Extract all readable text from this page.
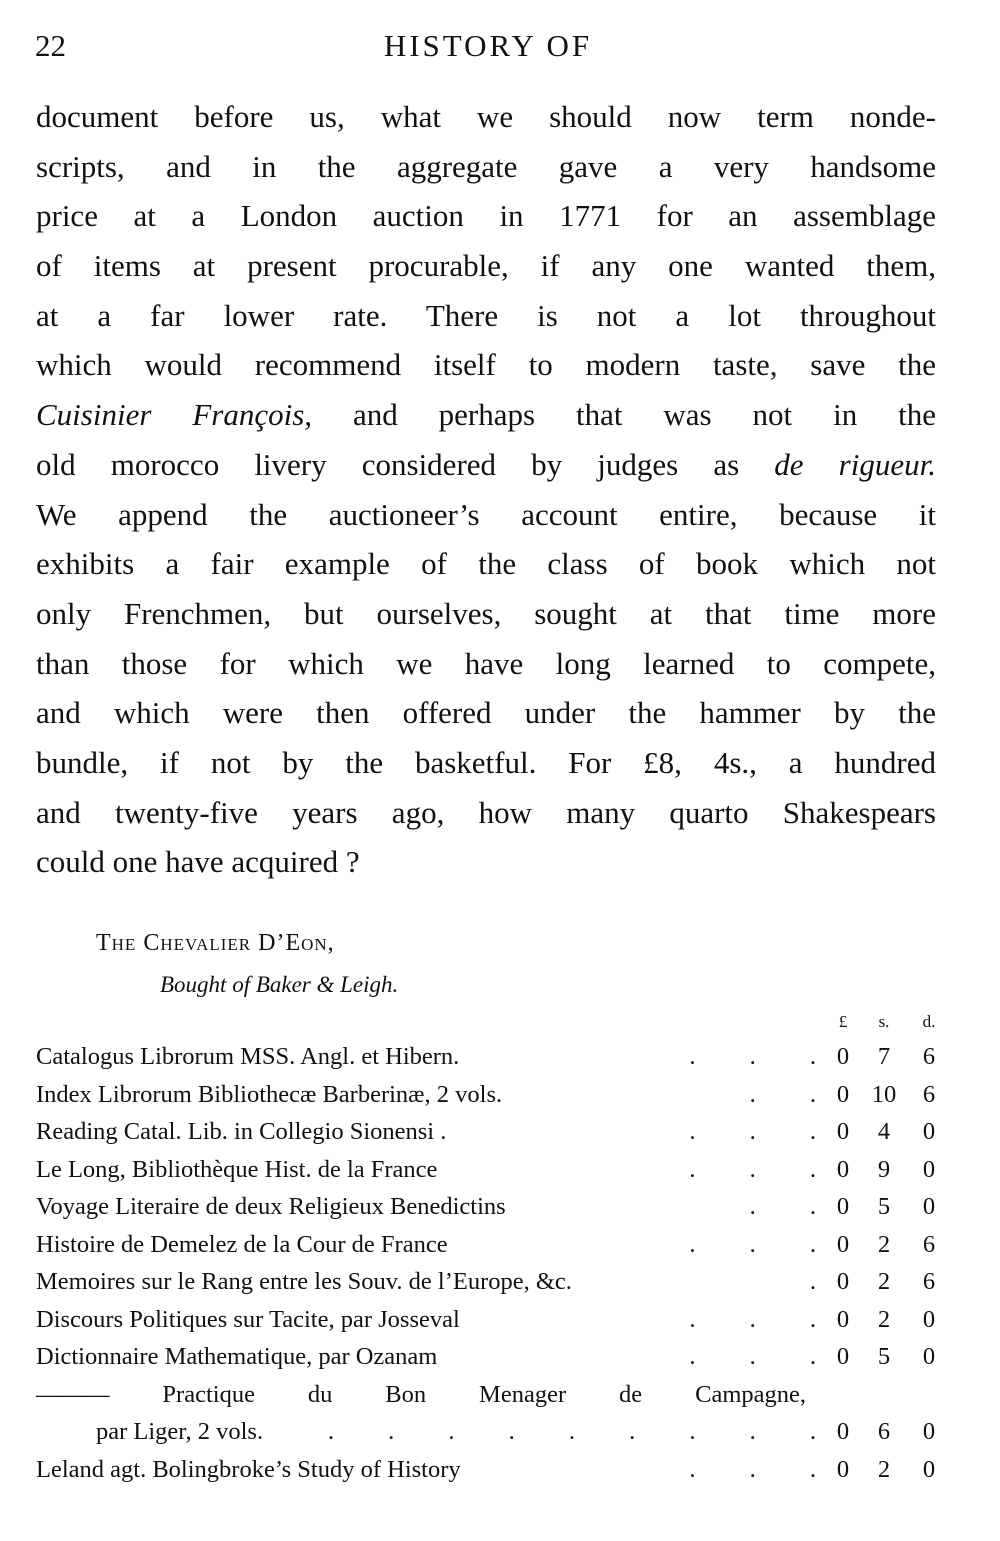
22	HISTORY OF
document before us, what we should now term nonde-
scripts, and in the aggregate gave a very handsome
price at a London auction in 1771 for an assemblage
of items at present procurable, if any one wanted them,
at a far lower rate. There is not a lot throughout
which would recommend itself to modern taste, save the
Cuisinier François, and perhaps that was not in the
old morocco livery considered by judges as de rigueur.
We append the auctioneer’s account entire, because it
exhibits a fair example of the class of book which not
only Frenchmen, but ourselves, sought at that time more
than those for which we have long learned to compete,
and which were then offered under the hammer by the
bundle, if not by the basketful. For £8, 4s., a hundred
and twenty-five years ago, how many quarto Shakespears
could one have acquired ?
The Chevalier D’Eon,
Bought of Baker & Leigh.
£	s.	d.
Catalogus Librorum MSS. Angl. et Hibern.	. . . 0	7	6
Index Librorum Bibliothecæ Barberinæ, 2 vols.	. . 0 10	6
Reading Catal. Lib. in Collegio Sionensi .	. . . 0	4	0
Le Long, Bibliothèque Hist. de la France	. . . 0	9	0
Voyage Literaire de deux Religieux Benedictins	. . 0	5	0
Histoire de Demelez de la Cour de France	. . . 0	2	6
Memoires sur le Rang entre les Souv. de l’Europe, &c.	. 0	2	6
Discours Politiques sur Tacite, par Josseval	. . . 0	2	0
Dictionnaire Mathematique, par Ozanam	. . . 0	5	0
——— Practique du Bon Menager de Campagne,
par Liger, 2 vols.	. . . . . . . . . 0	6	0
Leland agt. Bolingbroke’s Study of History	. . . 0	2	0
